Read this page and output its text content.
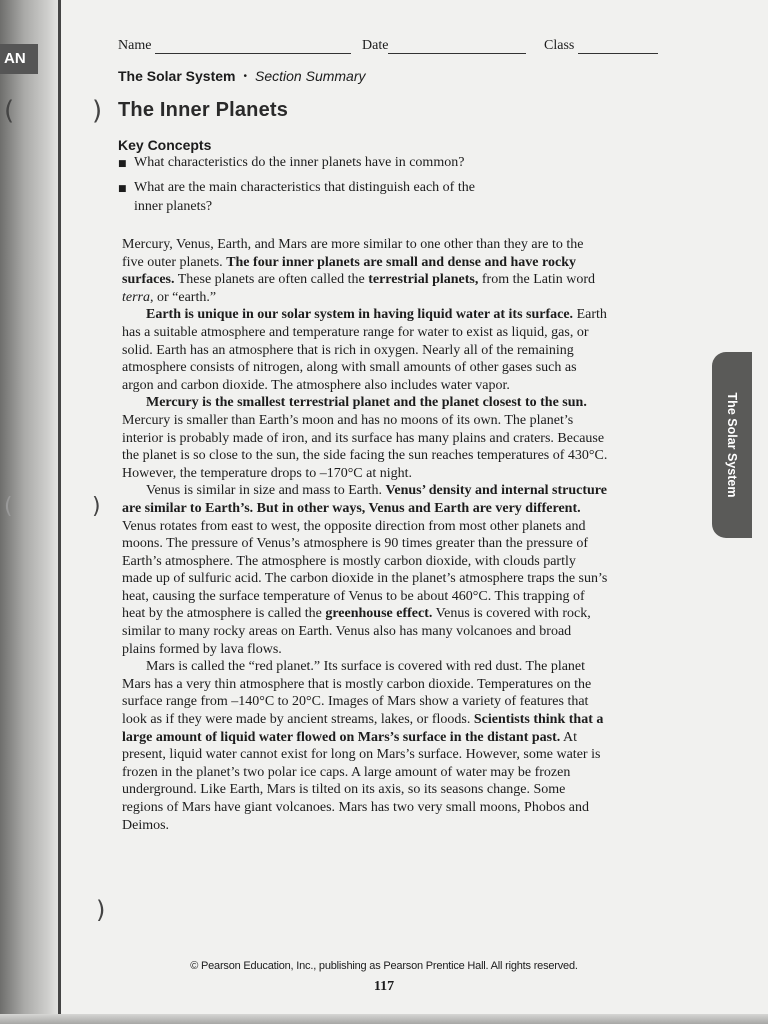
AN
(	)
(	)
)
Name	Date	Class
The Solar System • Section Summary
The Inner Planets
Key Concepts
■ What characteristics do the inner planets have in common?
■ What are the main characteristics that distinguish each of the
inner planets?

Mercury, Venus, Earth, and Mars are more similar to one other than they are to the five outer planets. The four inner planets are small and dense and have rocky surfaces. These planets are often called the terrestrial planets, from the Latin word terra, or “earth.”

Earth is unique in our solar system in having liquid water at its surface. Earth has a suitable atmosphere and temperature range for water to exist as liquid, gas, or solid. Earth has an atmosphere that is rich in oxygen. Nearly all of the remaining atmosphere consists of nitrogen, along with small amounts of other gases such as argon and carbon dioxide. The atmosphere also includes water vapor.

Mercury is the smallest terrestrial planet and the planet closest to the sun. Mercury is smaller than Earth’s moon and has no moons of its own. The planet’s interior is probably made of iron, and its surface has many plains and craters. Because the planet is so close to the sun, the side facing the sun reaches temperatures of 430°C. However, the temperature drops to –170°C at night.

Venus is similar in size and mass to Earth. Venus’ density and internal structure are similar to Earth’s. But in other ways, Venus and Earth are very different. Venus rotates from east to west, the opposite direction from most other planets and moons. The pressure of Venus’s atmosphere is 90 times greater than the pressure of Earth’s atmosphere. The atmosphere is mostly carbon dioxide, with clouds partly made up of sulfuric acid. The carbon dioxide in the planet’s atmosphere traps the sun’s heat, causing the surface temperature of Venus to be about 460°C. This trapping of heat by the atmosphere is called the greenhouse effect. Venus is covered with rock, similar to many rocky areas on Earth. Venus also has many volcanoes and broad plains formed by lava flows.

Mars is called the “red planet.” Its surface is covered with red dust. The planet Mars has a very thin atmosphere that is mostly carbon dioxide. Temperatures on the surface range from –140°C to 20°C. Images of Mars show a variety of features that look as if they were made by ancient streams, lakes, or floods. Scientists think that a large amount of liquid water flowed on Mars’s surface in the distant past. At present, liquid water cannot exist for long on Mars’s surface. However, some water is frozen in the planet’s two polar ice caps. A large amount of water may be frozen underground. Like Earth, Mars is tilted on its axis, so its seasons change. Some regions of Mars have giant volcanoes. Mars has two very small moons, Phobos and Deimos.

The Solar System
© Pearson Education, Inc., publishing as Pearson Prentice Hall. All rights reserved.
117
